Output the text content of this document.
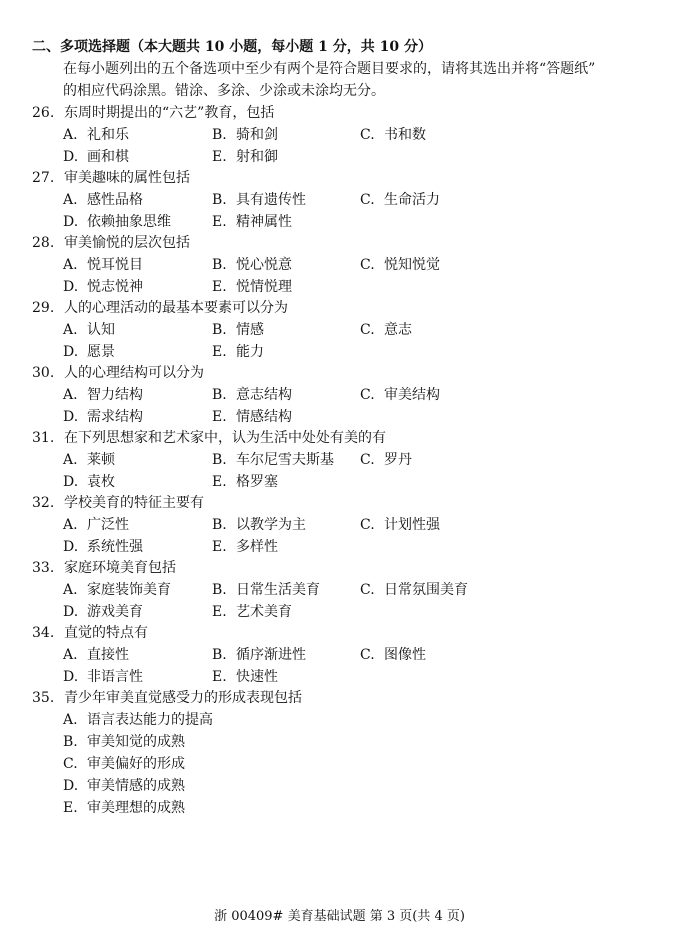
二、多项选择题（本大题共 10 小题，每小题 1 分，共 10 分）
在每小题列出的五个备选项中至少有两个是符合题目要求的，请将其选出并将“答题纸”
的相应代码涂黑。错涂、多涂、少涂或未涂均无分。
26. 东周时期提出的“六艺”教育，包括
A. 礼和乐	B. 骑和剑	C. 书和数
D. 画和棋	E. 射和御
27. 审美趣味的属性包括
A. 感性品格	B. 具有遗传性	C. 生命活力
D. 依赖抽象思维	E. 精神属性
28. 审美愉悦的层次包括
A. 悦耳悦目	B. 悦心悦意	C. 悦知悦觉
D. 悦志悦神	E. 悦情悦理
29. 人的心理活动的最基本要素可以分为
A. 认知	B. 情感	C. 意志
D. 愿景	E. 能力
30. 人的心理结构可以分为
A. 智力结构	B. 意志结构	C. 审美结构
D. 需求结构	E. 情感结构
31. 在下列思想家和艺术家中，认为生活中处处有美的有
A. 莱顿	B. 车尔尼雪夫斯基 C. 罗丹
D. 袁枚	E. 格罗塞
32. 学校美育的特征主要有
A. 广泛性	B. 以教学为主	C. 计划性强
D. 系统性强	E. 多样性
33. 家庭环境美育包括
A. 家庭装饰美育	B. 日常生活美育	C. 日常氛围美育
D. 游戏美育	E. 艺术美育
34. 直觉的特点有
A. 直接性	B. 循序渐进性	C. 图像性
D. 非语言性	E. 快速性
35. 青少年审美直觉感受力的形成表现包括
A. 语言表达能力的提高
B. 审美知觉的成熟
C. 审美偏好的形成
D. 审美情感的成熟
E. 审美理想的成熟
浙 00409# 美育基础试题 第 3 页(共 4 页)
